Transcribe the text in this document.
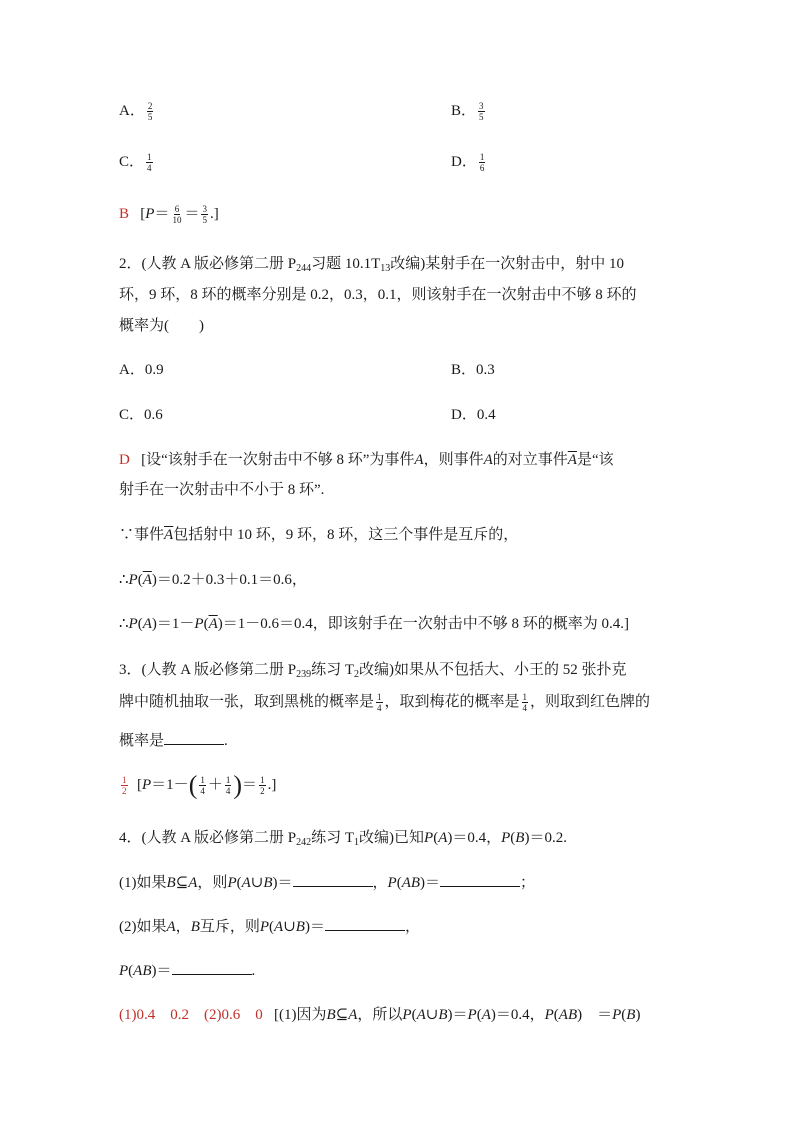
A． $\frac{2}{5}$	B． $\frac{3}{5}$
C． $\frac{1}{4}$	D． $\frac{1}{6}$
B [$P= \frac{6}{10} = \frac{3}{5}$ .]
2．(人教 A 版必修第二册 $P_{244}$习题 $10.1T_{13}$改编)某射手在一次射击中，射中 10
环，9 环，8 环的概率分别是 0.2，0.3，0.1，则该射手在一次射击中不够 8 环的
概率为(　　)
A．0.9	B．0.3
C．0.6	D．0.4
D [设“该射手在一次射击中不够 8 环”为事件A，则事件A的对立事件$\overline{A}$是“该
射手在一次射击中不小于 8 环”.
∵事件$\overline{A}$包括射中 10 环，9 环，8 环，这三个事件是互斥的，
$\therefore P(\overline{A})=0.2+0.3+0.1=0.6$，
$\therefore P(A)=1-P(\overline{A})=1-0.6=0.4$，即该射手在一次射击中不够 8 环的概率为 0.4.]
3．(人教 A 版必修第二册 $P_{239}$练习 $T_2$改编)如果从不包括大、小王的 52 张扑克
牌中随机抽取一张，取到黑桃的概率是 $\frac{1}{4}$ ，取到梅花的概率是 $\frac{1}{4}$ ，则取到红色牌的
概率是	.
$\frac{1}{2} [P=1-( \frac{1}{4} + \frac{1}{4}$ )＝ $\frac{1}{2}$ .]
4．(人教 A 版必修第二册 $P_{242}$练习 $T_1$改编)已知P(A)＝0.4，P(B)＝0.2.
(1)如果B⊆A，则P(A∪B)＝	，P(AB)＝	；
(2)如果A，B互斥，则P(A∪B)＝	，
P(AB)＝	.
(1)0.4　0.2　(2)0.6　0 [(1)因为B⊆A，所以P(A∪B)＝P(A)＝0.4，P(AB)　＝P(B)
